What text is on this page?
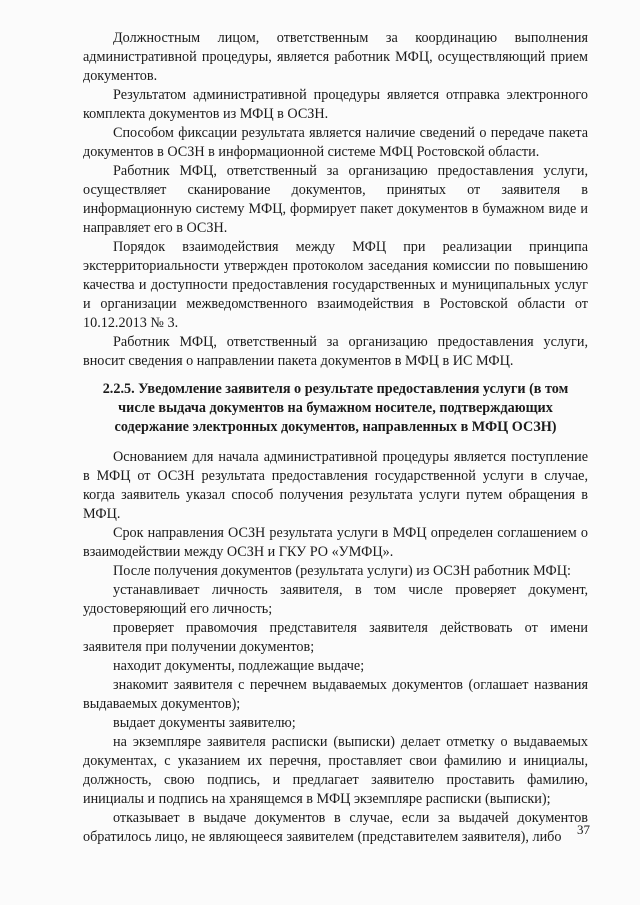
Должностным лицом, ответственным за координацию выполнения административной процедуры, является работник МФЦ, осуществляющий прием документов.

Результатом административной процедуры является отправка электронного комплекта документов из МФЦ в ОСЗН.

Способом фиксации результата является наличие сведений о передаче пакета документов в ОСЗН в информационной системе МФЦ Ростовской области.

Работник МФЦ, ответственный за организацию предоставления услуги, осуществляет сканирование документов, принятых от заявителя в информационную систему МФЦ, формирует пакет документов в бумажном виде и направляет его в ОСЗН.

Порядок взаимодействия между МФЦ при реализации принципа экстерриториальности утвержден протоколом заседания комиссии по повышению качества и доступности предоставления государственных и муниципальных услуг и организации межведомственного взаимодействия в Ростовской области от 10.12.2013 № 3.

Работник МФЦ, ответственный за организацию предоставления услуги, вносит сведения о направлении пакета документов в МФЦ в ИС МФЦ.

2.2.5. Уведомление заявителя о результате предоставления услуги (в том числе выдача документов на бумажном носителе, подтверждающих содержание электронных документов, направленных в МФЦ ОСЗН)

Основанием для начала административной процедуры является поступление в МФЦ от ОСЗН результата предоставления государственной услуги в случае, когда заявитель указал способ получения результата услуги путем обращения в МФЦ.

Срок направления ОСЗН результата услуги в МФЦ определен соглашением о взаимодействии между ОСЗН и ГКУ РО «УМФЦ».

После получения документов (результата услуги) из ОСЗН работник МФЦ:

устанавливает личность заявителя, в том числе проверяет документ, удостоверяющий его личность;

проверяет правомочия представителя заявителя действовать от имени заявителя при получении документов;

находит документы, подлежащие выдаче;

знакомит заявителя с перечнем выдаваемых документов (оглашает названия выдаваемых документов);

выдает документы заявителю;

на экземпляре заявителя расписки (выписки) делает отметку о выдаваемых документах, с указанием их перечня, проставляет свои фамилию и инициалы, должность, свою подпись, и предлагает заявителю проставить фамилию, инициалы и подпись на хранящемся в МФЦ экземпляре расписки (выписки);

отказывает в выдаче документов в случае, если за выдачей документов обратилось лицо, не являющееся заявителем (представителем заявителя), либо	37
